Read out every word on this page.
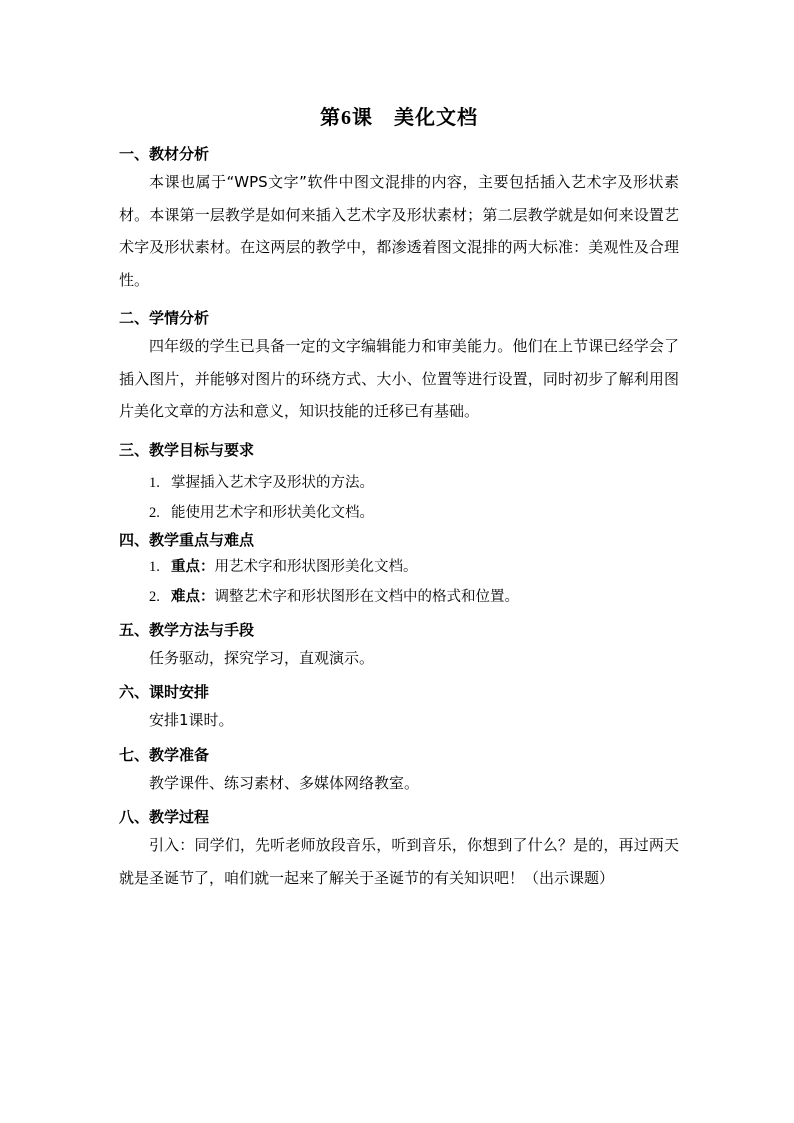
第6课　美化文档
一、教材分析

本课也属于“WPS文字”软件中图文混排的内容，主要包括插入艺术字及形状素材。本课第一层教学是如何来插入艺术字及形状素材；第二层教学就是如何来设置艺术字及形状素材。在这两层的教学中，都渗透着图文混排的两大标准：美观性及合理性。

二、学情分析

四年级的学生已具备一定的文字编辑能力和审美能力。他们在上节课已经学会了插入图片，并能够对图片的环绕方式、大小、位置等进行设置，同时初步了解利用图片美化文章的方法和意义，知识技能的迁移已有基础。

三、教学目标与要求

1. 掌握插入艺术字及形状的方法。

2. 能使用艺术字和形状美化文档。

四、教学重点与难点

1. 重点：用艺术字和形状图形美化文档。

2. 难点：调整艺术字和形状图形在文档中的格式和位置。

五、教学方法与手段

任务驱动，探究学习，直观演示。

六、课时安排

安排1课时。

七、教学准备

教学课件、练习素材、多媒体网络教室。

八、教学过程

引入：同学们，先听老师放段音乐，听到音乐，你想到了什么？是的，再过两天就是圣诞节了，咱们就一起来了解关于圣诞节的有关知识吧！（出示课题）
